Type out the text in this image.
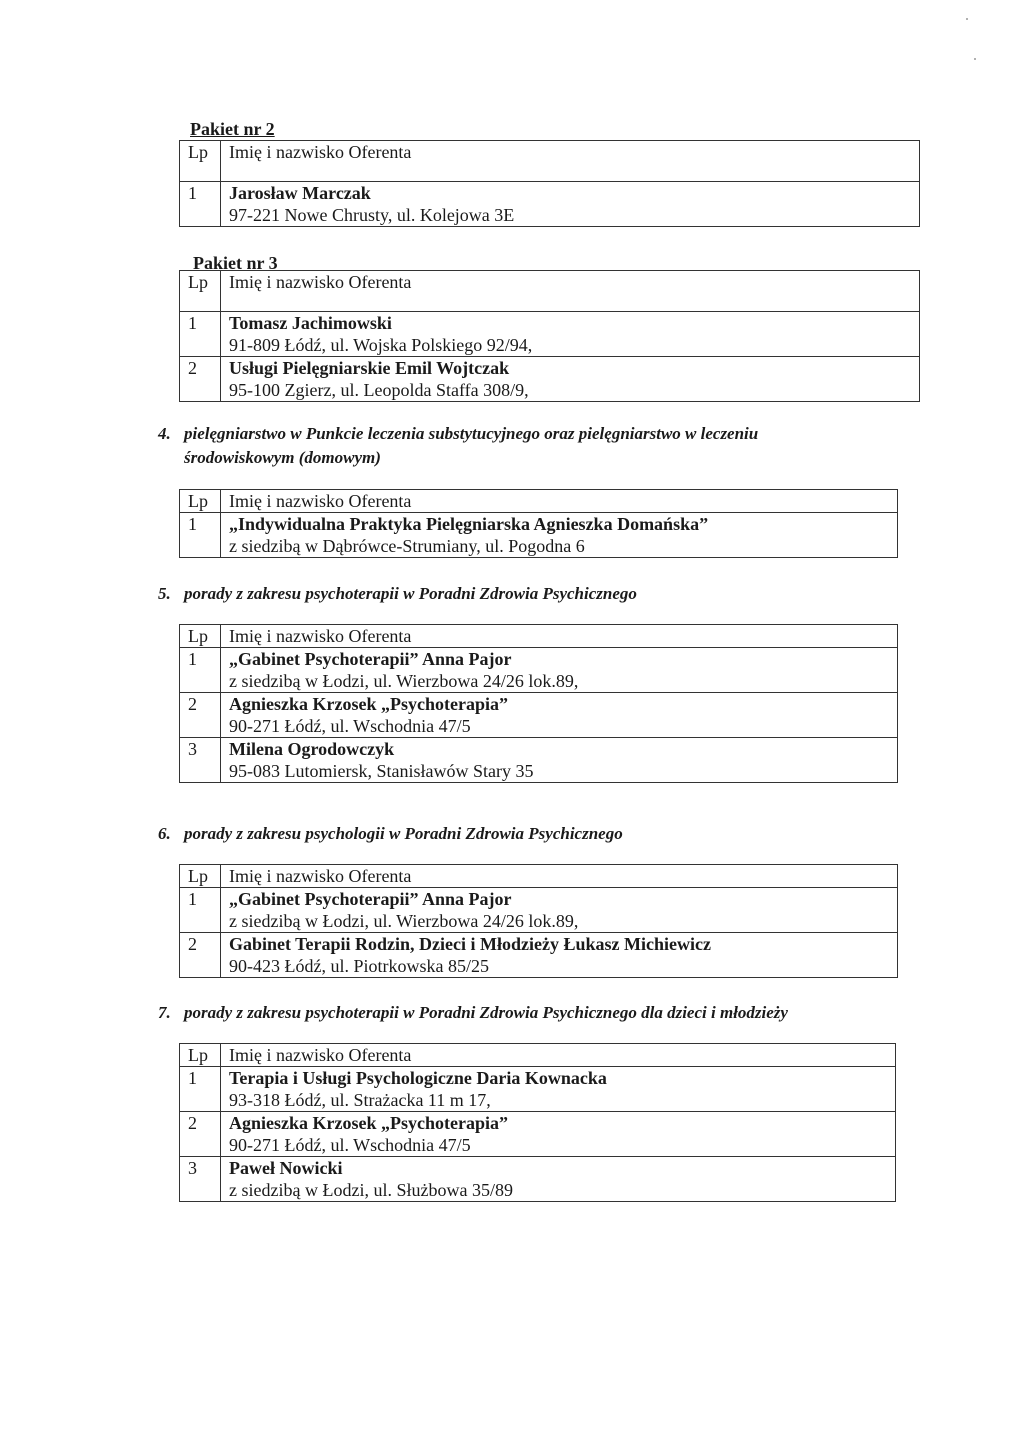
Pakiet nr 2
Lp	Imię i nazwisko Oferenta
1	Jarosław Marczak
97-221 Nowe Chrusty, ul. Kolejowa 3E
Pakiet nr 3
Lp	Imię i nazwisko Oferenta
1	Tomasz Jachimowski
91-809 Łódź, ul. Wojska Polskiego 92/94,

2	Usługi Pielęgniarskie Emil Wojtczak
95-100 Zgierz, ul. Leopolda Staffa 308/9,
4. pielęgniarstwo w Punkcie leczenia substytucyjnego oraz pielęgniarstwo w leczeniu
środowiskowym (domowym)
Lp	Imię i nazwisko Oferenta
1	„Indywidualna Praktyka Pielęgniarska Agnieszka Domańska”
z siedzibą w Dąbrówce-Strumiany, ul. Pogodna 6
5. porady z zakresu psychoterapii w Poradni Zdrowia Psychicznego
Lp	Imię i nazwisko Oferenta
1	„Gabinet Psychoterapii” Anna Pajor
z siedzibą w Łodzi, ul. Wierzbowa 24/26 lok.89,

2	Agnieszka Krzosek „Psychoterapia”
90-271 Łódź, ul. Wschodnia 47/5

3	Milena Ogrodowczyk
95-083 Lutomiersk, Stanisławów Stary 35
6. porady z zakresu psychologii w Poradni Zdrowia Psychicznego
Lp	Imię i nazwisko Oferenta
1	„Gabinet Psychoterapii” Anna Pajor
z siedzibą w Łodzi, ul. Wierzbowa 24/26 lok.89,

2	Gabinet Terapii Rodzin, Dzieci i Młodzieży Łukasz Michiewicz
90-423 Łódź, ul. Piotrkowska 85/25
7. porady z zakresu psychoterapii w Poradni Zdrowia Psychicznego dla dzieci i młodzieży
Lp	Imię i nazwisko Oferenta
1	Terapia i Usługi Psychologiczne Daria Kownacka
93-318 Łódź, ul. Strażacka 11 m 17,

2	Agnieszka Krzosek „Psychoterapia”
90-271 Łódź, ul. Wschodnia 47/5

3	Paweł Nowicki
z siedzibą w Łodzi, ul. Służbowa 35/89
